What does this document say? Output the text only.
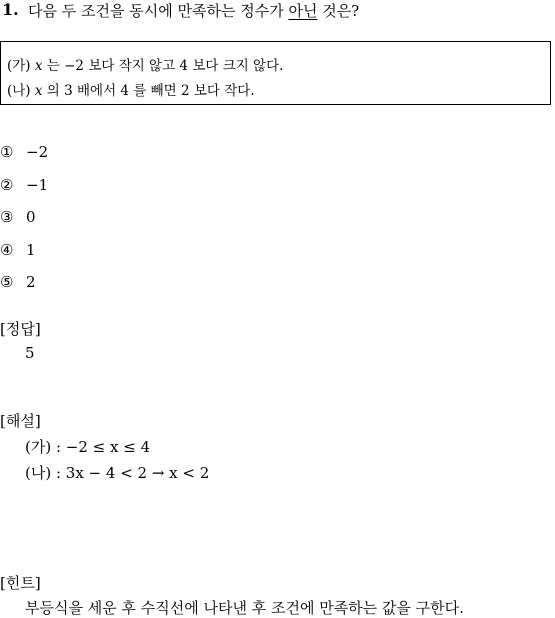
1. 다음 두 조건을 동시에 만족하는 정수가 아닌 것은?
(가) x 는 −2 보다 작지 않고 4 보다 크지 않다.
(나) x 의 3 배에서 4 를 빼면 2 보다 작다.
① −2
② −1
③ 0
④ 1
⑤ 2
[정답]
5
[해설]
(가) : −2 ≤ x ≤ 4
(나) : 3x − 4 < 2 → x < 2
[힌트]
부등식을 세운 후 수직선에 나타낸 후 조건에 만족하는 값을 구한다.
